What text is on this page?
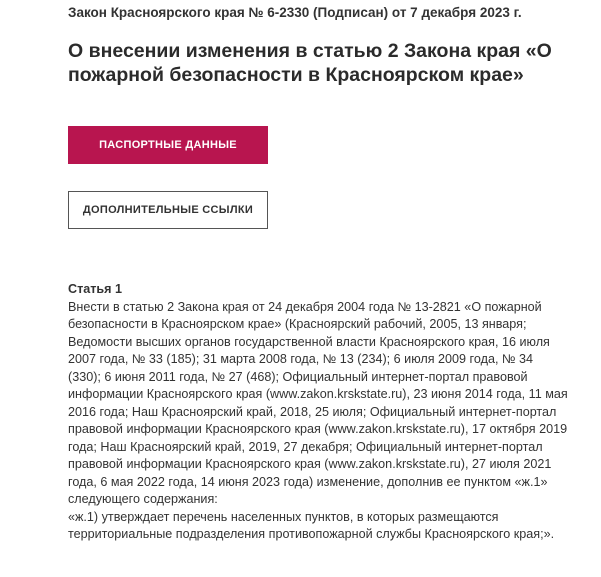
Закон Красноярского края № 6-2330 (Подписан) от 7 декабря 2023 г.
О внесении изменения в статью 2 Закона края «О пожарной безопасности в Красноярском крае»
ПАСПОРТНЫЕ ДАННЫЕ
ДОПОЛНИТЕЛЬНЫЕ ССЫЛКИ
Статья 1
Внести в статью 2 Закона края от 24 декабря 2004 года № 13-2821 «О пожарной безопасности в Красноярском крае» (Красноярский рабочий, 2005, 13 января; Ведомости высших органов государственной власти Красноярского края, 16 июля 2007 года, № 33 (185); 31 марта 2008 года, № 13 (234); 6 июля 2009 года, № 34 (330); 6 июня 2011 года, № 27 (468); Официальный интернет-портал правовой информации Красноярского края (www.zakon.krskstate.ru), 23 июня 2014 года, 11 мая 2016 года; Наш Красноярский край, 2018, 25 июля; Официальный интернет-портал правовой информации Красноярского края (www.zakon.krskstate.ru), 17 октября 2019 года; Наш Красноярский край, 2019, 27 декабря; Официальный интернет-портал правовой информации Красноярского края (www.zakon.krskstate.ru), 27 июля 2021 года, 6 мая 2022 года, 14 июня 2023 года) изменение, дополнив ее пунктом «ж.1» следующего содержания:
«ж.1) утверждает перечень населенных пунктов, в которых размещаются территориальные подразделения противопожарной службы Красноярского края;».
